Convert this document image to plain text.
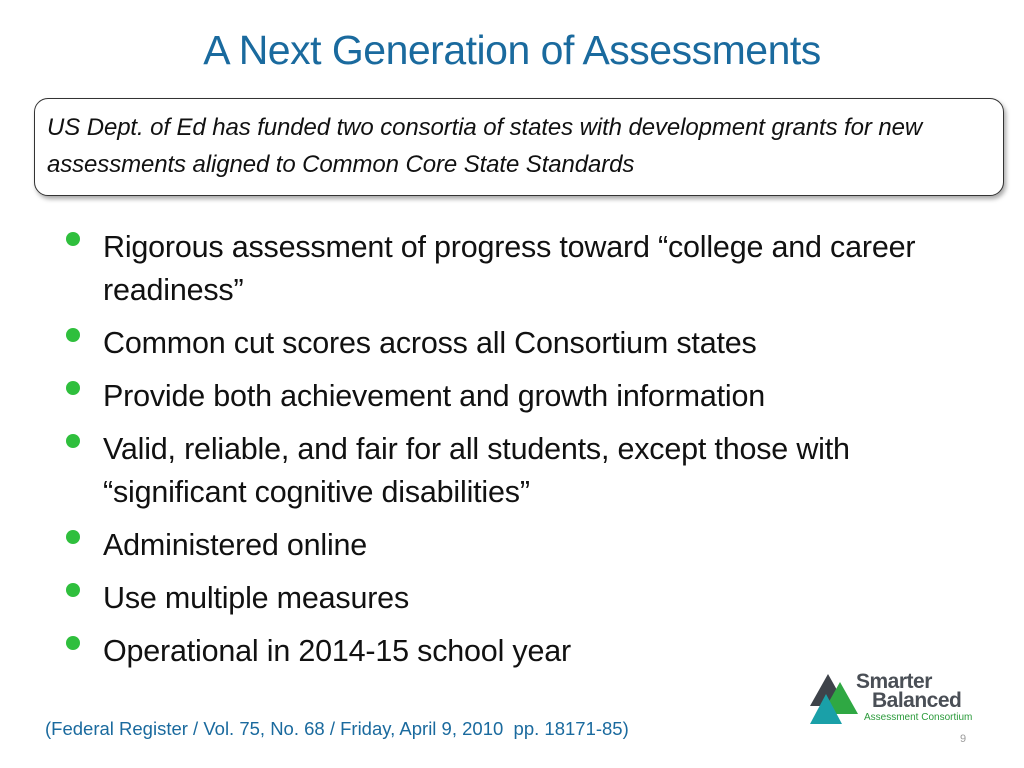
A Next Generation of Assessments
US Dept. of Ed has funded two consortia of states with development grants for new assessments aligned to Common Core State Standards
Rigorous assessment of progress toward “college and career readiness”
Common cut scores across all Consortium states
Provide both achievement and growth information
Valid, reliable, and fair for all students, except those with “significant cognitive disabilities”
Administered online
Use multiple measures
Operational in 2014-15 school year
(Federal Register / Vol. 75, No. 68 / Friday, April 9, 2010  pp. 18171-85)
Smarter
Balanced
Assessment Consortium
9
